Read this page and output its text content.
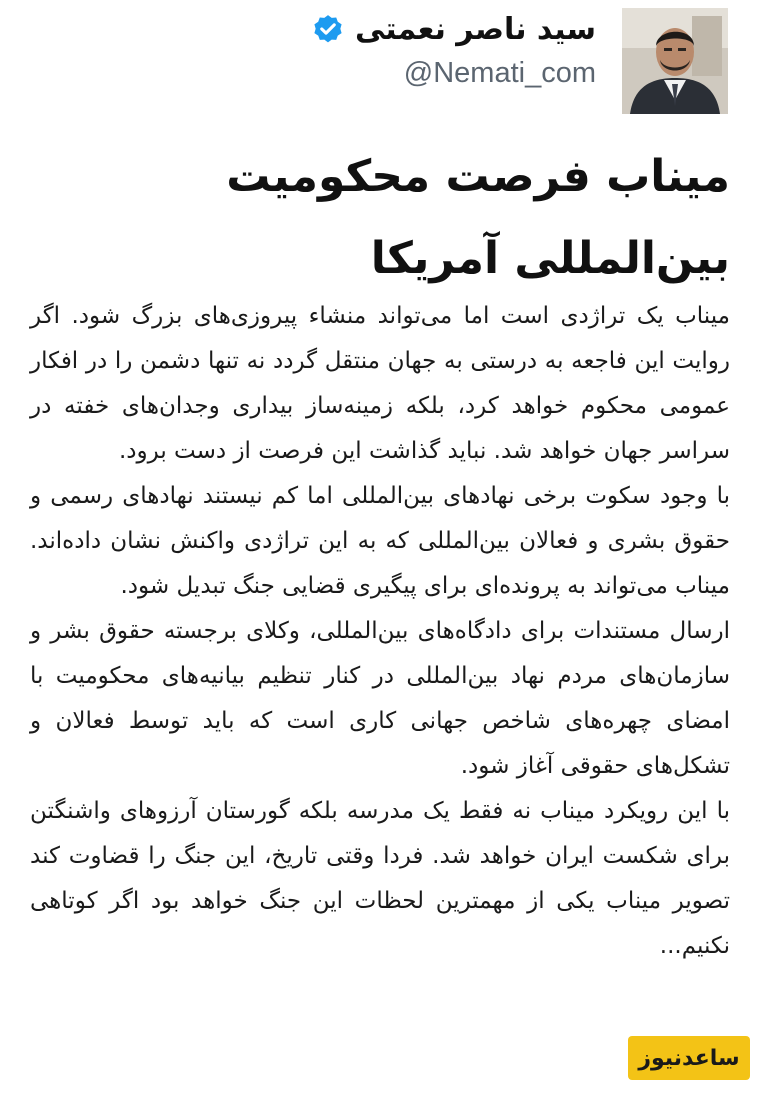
سید ناصر نعمتی
@Nemati_com
میناب فرصت محکومیت بین‌المللی آمریکا

میناب یک تراژدی است اما می‌تواند منشاء پیروزی‌های بزرگ شود. اگر روایت این فاجعه به درستی به جهان منتقل گردد نه تنها دشمن را در افکار عمومی محکوم خواهد کرد، بلکه زمینه‌ساز بیداری وجدان‌های خفته در سراسر جهان خواهد شد. نباید گذاشت این فرصت از دست برود.

با وجود سکوت برخی نهادهای بین‌المللی اما کم نیستند نهادهای رسمی و حقوق بشری و فعالان بین‌المللی که به این تراژدی واکنش نشان داده‌اند. میناب می‌تواند به پرونده‌ای برای پیگیری قضایی جنگ تبدیل شود.

ارسال مستندات برای دادگاه‌های بین‌المللی، وکلای برجسته حقوق بشر و سازمان‌های مردم نهاد بین‌المللی در کنار تنظیم بیانیه‌های محکومیت با امضای چهره‌های شاخص جهانی کاری است که باید توسط فعالان و تشکل‌های حقوقی آغاز شود.

با این رویکرد میناب نه فقط یک مدرسه بلکه گورستان آرزوهای واشنگتن برای شکست ایران خواهد شد. فردا وقتی تاریخ، این جنگ را قضاوت کند تصویر میناب یکی از مهمترین لحظات این جنگ خواهد بود اگر کوتاهی نکنیم...

ساعدنیوز
